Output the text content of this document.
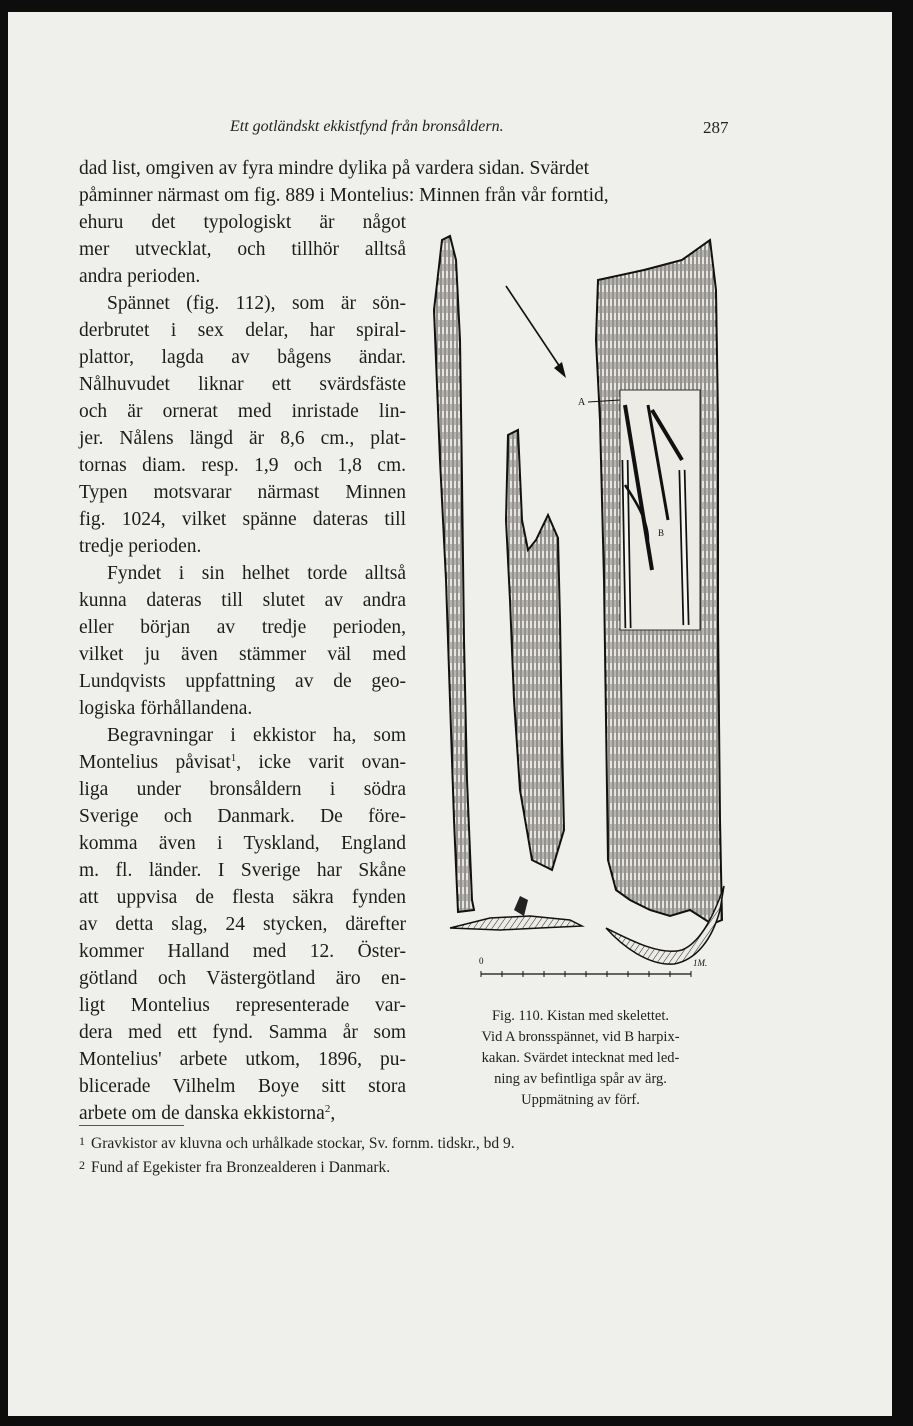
Ett gotländskt ekkistfynd från bronsåldern.	287
dad list, omgiven av fyra mindre dylika på vardera sidan. Svärdet
påminner närmast om fig. 889 i Montelius: Minnen från vår forntid,
ehuru det typologiskt är något
mer utvecklat, och tillhör alltså
andra perioden.
Spännet (fig. 112), som är sön-
derbrutet i sex delar, har spiral-
plattor, lagda av bågens ändar.
Nålhuvudet liknar ett svärdsfäste
och är ornerat med inristade lin-
jer. Nålens längd är 8,6 cm., plat-
tornas diam. resp. 1,9 och 1,8 cm.
Typen motsvarar närmast Minnen
fig. 1024, vilket spänne dateras till
tredje perioden.
Fyndet i sin helhet torde alltså
kunna dateras till slutet av andra
eller början av tredje perioden,
vilket ju även stämmer väl med
Lundqvists uppfattning av de geo-
logiska förhållandena.
Begravningar i ekkistor ha, som
Montelius påvisat$^1$, icke varit ovan-
liga under bronsåldern i södra
Sverige och Danmark. De före-
komma även i Tyskland, England
m. fl. länder. I Sverige har Skåne
att uppvisa de flesta säkra fynden
av detta slag, 24 stycken, därefter
kommer Halland med 12. Öster-
götland och Västergötland äro en-
ligt Montelius representerade var-
dera med ett fynd. Samma år som
Montelius' arbete utkom, 1896, pu-
blicerade Vilhelm Boye sitt stora
arbete om de danska ekkistorna$^2$,
A
B
0	1M.
Fig. 110. Kistan med skelettet.
Vid A bronsspännet, vid B harpix-
kakan. Svärdet intecknat med led-
ning av befintliga spår av ärg.
Uppmätning av förf.
1 Gravkistor av kluvna och urhålkade stockar, Sv. fornm. tidskr., bd 9.
2 Fund af Egekister fra Bronzealderen i Danmark.
